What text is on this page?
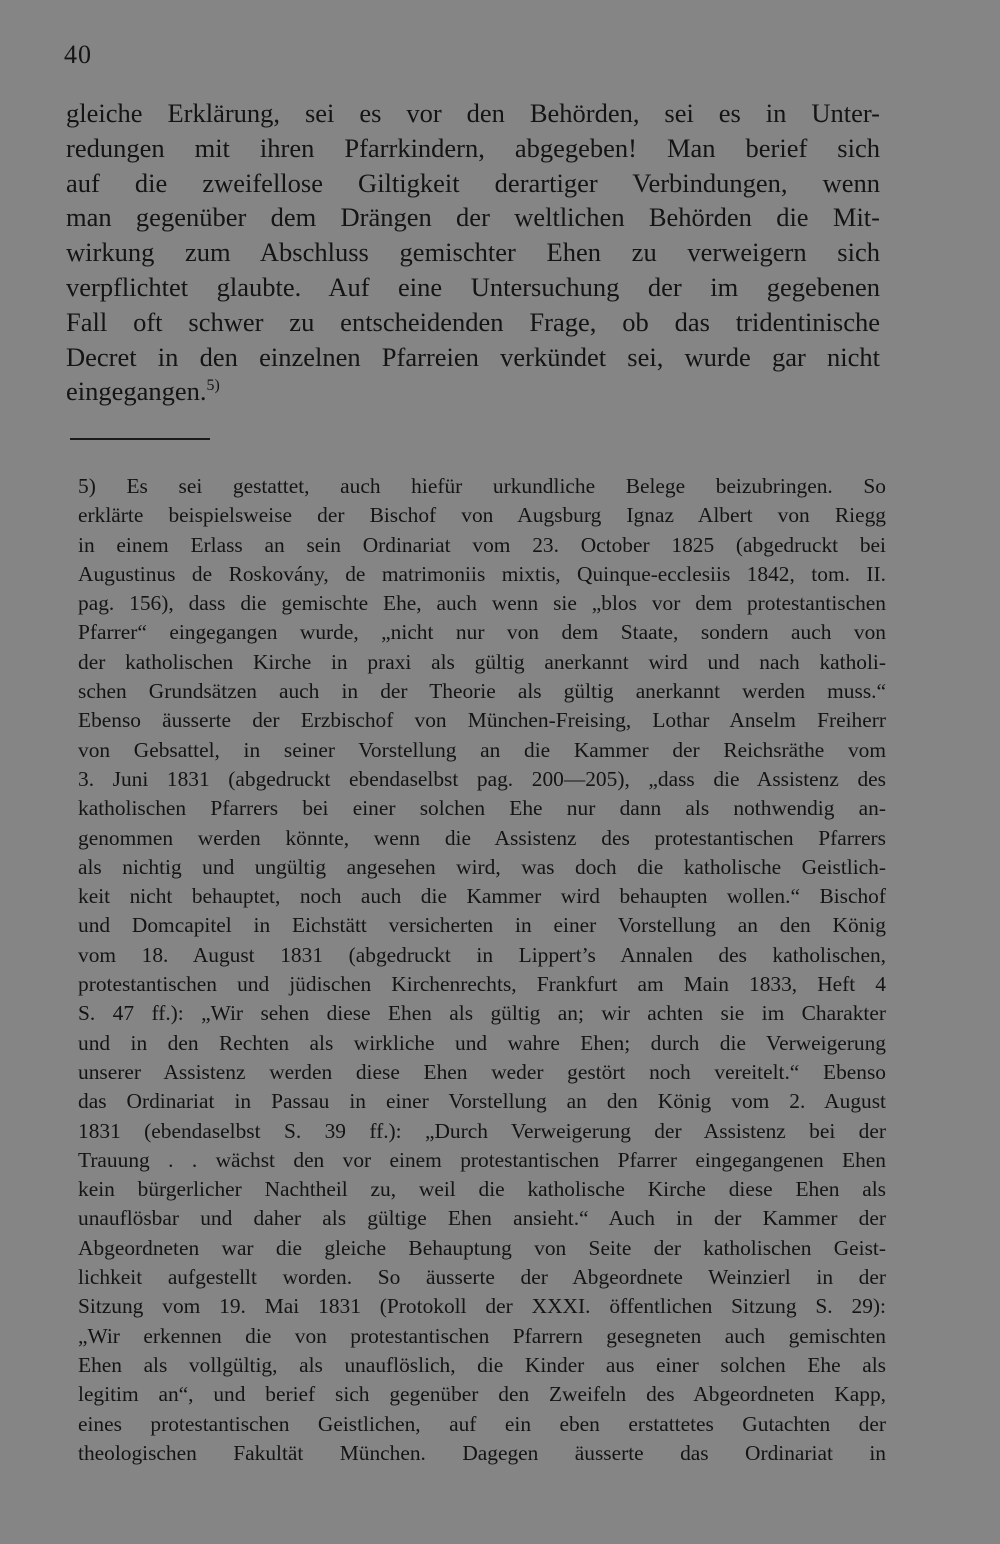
40
gleiche Erklärung, sei es vor den Behörden, sei es in Unter-
redungen mit ihren Pfarrkindern, abgegeben! Man berief sich
auf die zweifellose Giltigkeit derartiger Verbindungen, wenn
man gegenüber dem Drängen der weltlichen Behörden die Mit-
wirkung zum Abschluss gemischter Ehen zu verweigern sich
verpflichtet glaubte. Auf eine Untersuchung der im gegebenen
Fall oft schwer zu entscheidenden Frage, ob das tridentinische
Decret in den einzelnen Pfarreien verkündet sei, wurde gar nicht
eingegangen.$^{5)}$
5) Es sei gestattet, auch hiefür urkundliche Belege beizubringen. So
erklärte beispielsweise der Bischof von Augsburg Ignaz Albert von Riegg
in einem Erlass an sein Ordinariat vom 23. October 1825 (abgedruckt bei
Augustinus de Roskovány, de matrimoniis mixtis, Quinque-ecclesiis 1842, tom. II.
pag. 156), dass die gemischte Ehe, auch wenn sie „blos vor dem protestantischen
Pfarrer“ eingegangen wurde, „nicht nur von dem Staate, sondern auch von
der katholischen Kirche in praxi als gültig anerkannt wird und nach katholi-
schen Grundsätzen auch in der Theorie als gültig anerkannt werden muss.“
Ebenso äusserte der Erzbischof von München-Freising, Lothar Anselm Freiherr
von Gebsattel, in seiner Vorstellung an die Kammer der Reichsräthe vom
3. Juni 1831 (abgedruckt ebendaselbst pag. 200—205), „dass die Assistenz des
katholischen Pfarrers bei einer solchen Ehe nur dann als nothwendig an-
genommen werden könnte, wenn die Assistenz des protestantischen Pfarrers
als nichtig und ungültig angesehen wird, was doch die katholische Geistlich-
keit nicht behauptet, noch auch die Kammer wird behaupten wollen.“ Bischof
und Domcapitel in Eichstätt versicherten in einer Vorstellung an den König
vom 18. August 1831 (abgedruckt in Lippert’s Annalen des katholischen,
protestantischen und jüdischen Kirchenrechts, Frankfurt am Main 1833, Heft 4
S. 47 ff.): „Wir sehen diese Ehen als gültig an; wir achten sie im Charakter
und in den Rechten als wirkliche und wahre Ehen; durch die Verweigerung
unserer Assistenz werden diese Ehen weder gestört noch vereitelt.“ Ebenso
das Ordinariat in Passau in einer Vorstellung an den König vom 2. August
1831 (ebendaselbst S. 39 ff.): „Durch Verweigerung der Assistenz bei der
Trauung . . wächst den vor einem protestantischen Pfarrer eingegangenen Ehen
kein bürgerlicher Nachtheil zu, weil die katholische Kirche diese Ehen als
unauflösbar und daher als gültige Ehen ansieht.“ Auch in der Kammer der
Abgeordneten war die gleiche Behauptung von Seite der katholischen Geist-
lichkeit aufgestellt worden. So äusserte der Abgeordnete Weinzierl in der
Sitzung vom 19. Mai 1831 (Protokoll der XXXI. öffentlichen Sitzung S. 29):
„Wir erkennen die von protestantischen Pfarrern gesegneten auch gemischten
Ehen als vollgültig, als unauflöslich, die Kinder aus einer solchen Ehe als
legitim an“, und berief sich gegenüber den Zweifeln des Abgeordneten Kapp,
eines protestantischen Geistlichen, auf ein eben erstattetes Gutachten der
theologischen Fakultät München. Dagegen äusserte das Ordinariat in
